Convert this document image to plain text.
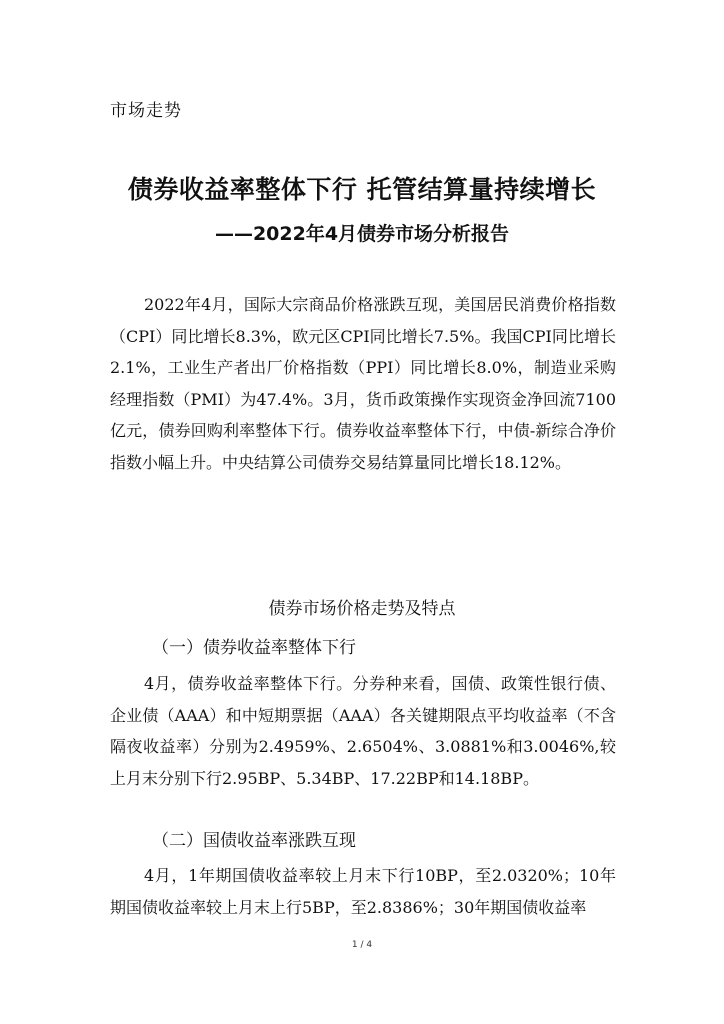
市场走势
债券收益率整体下行 托管结算量持续增长
——2022年4月债券市场分析报告

2022年4月，国际大宗商品价格涨跌互现，美国居民消费价格指数（CPI）同比增长8.3%，欧元区CPI同比增长7.5%。我国CPI同比增长2.1%，工业生产者出厂价格指数（PPI）同比增长8.0%，制造业采购经理指数（PMI）为47.4%。3月，货币政策操作实现资金净回流7100亿元，债券回购利率整体下行。债券收益率整体下行，中债-新综合净价指数小幅上升。中央结算公司债券交易结算量同比增长18.12%。

债券市场价格走势及特点
（一）债券收益率整体下行

4月，债券收益率整体下行。分券种来看，国债、政策性银行债、企业债（AAA）和中短期票据（AAA）各关键期限点平均收益率（不含隔夜收益率）分别为2.4959%、2.6504%、3.0881%和3.0046%,较上月末分别下行2.95BP、5.34BP、17.22BP和14.18BP。

（二）国债收益率涨跌互现

4月，1年期国债收益率较上月末下行10BP，至2.0320%；10年期国债收益率较上月末上行5BP，至2.8386%；30年期国债收益率

1 / 4
